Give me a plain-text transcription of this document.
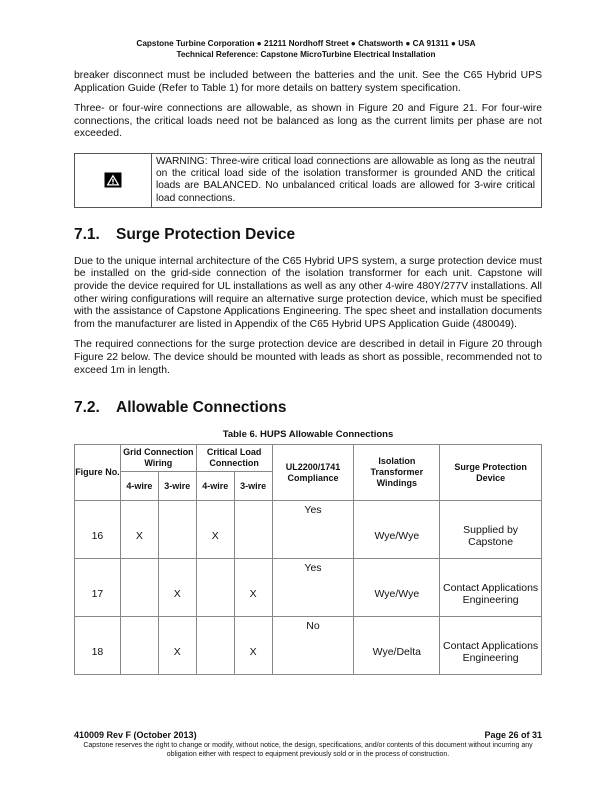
Capstone Turbine Corporation ● 21211 Nordhoff Street ● Chatsworth ● CA 91311 ● USA
Technical Reference: Capstone MicroTurbine Electrical Installation

breaker disconnect must be included between the batteries and the unit. See the C65 Hybrid UPS Application Guide (Refer to Table 1) for more details on battery system specification.

Three- or four-wire connections are allowable, as shown in Figure 20 and Figure 21. For four-wire connections, the critical loads need not be balanced as long as the current limits per phase are not exceeded.

WARNING: Three-wire critical load connections are allowable as long as the neutral on the critical load side of the isolation transformer is grounded AND the critical loads are BALANCED. No unbalanced critical loads are allowed for 3-wire critical load connections.
7.1. Surge Protection Device

Due to the unique internal architecture of the C65 Hybrid UPS system, a surge protection device must be installed on the grid-side connection of the isolation transformer for each unit. Capstone will provide the device required for UL installations as well as any other 4-wire 480Y/277V installations. All other wiring configurations will require an alternative surge protection device, which must be specified with the assistance of Capstone Applications Engineering. The spec sheet and installation documents from the manufacturer are listed in Appendix of the C65 Hybrid UPS Application Guide (480049).

The required connections for the surge protection device are described in detail in Figure 20 through Figure 22 below. The device should be mounted with leads as short as possible, recommended not to exceed 1m in length.

7.2. Allowable Connections
Table 6. HUPS Allowable Connections
Figure No.	Grid Connection Wiring		Critical Load Connection		UL2200/1741 Compliance	Isolation Transformer Windings	Surge Protection Device
	4-wire	3-wire	4-wire	3-wire			
16	X		X		Yes	Wye/Wye	Supplied by Capstone
17		X		X	Yes	Wye/Wye	Contact Applications Engineering
18		X		X	No	Wye/Delta	Contact Applications Engineering
410009 Rev F (October 2013)	Page 26 of 31
Capstone reserves the right to change or modify, without notice, the design, specifications, and/or contents of this document without incurring any obligation either with respect to equipment previously sold or in the process of construction.
